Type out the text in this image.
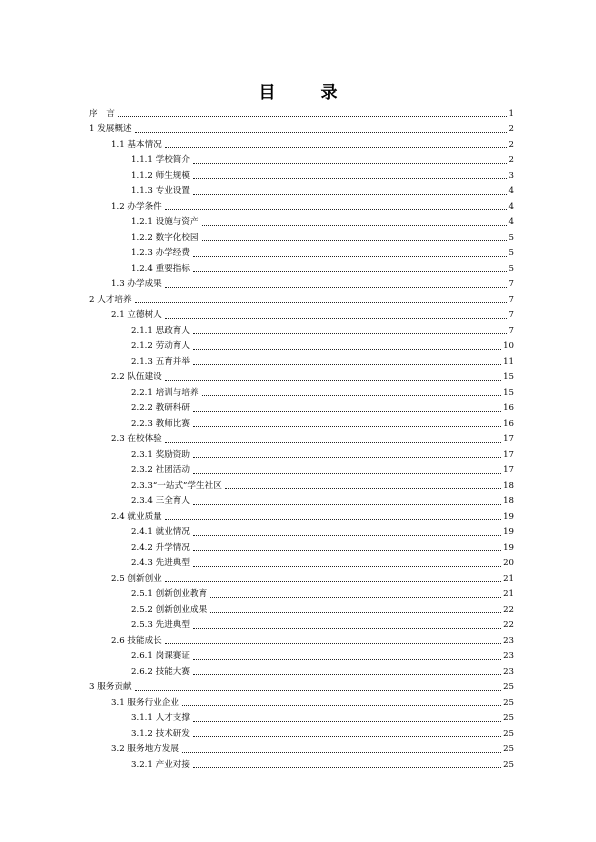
目　录
序　言	1
1 发展概述	2
1.1 基本情况	2
1.1.1 学校简介	2
1.1.2 师生规模	3
1.1.3 专业设置	4
1.2 办学条件	4
1.2.1 设施与资产	4
1.2.2 数字化校园	5
1.2.3 办学经费	5
1.2.4 重要指标	5
1.3 办学成果	7
2 人才培养	7
2.1 立德树人	7
2.1.1 思政育人	7
2.1.2 劳动育人	10
2.1.3 五育并举	11
2.2 队伍建设	15
2.2.1 培训与培养	15
2.2.2 教研科研	16
2.2.3 教师比赛	16
2.3 在校体验	17
2.3.1 奖励资助	17
2.3.2 社团活动	17
2.3.3“一站式”学生社区	18
2.3.4 三全育人	18
2.4 就业质量	19
2.4.1 就业情况	19
2.4.2 升学情况	19
2.4.3 先进典型	20
2.5 创新创业	21
2.5.1 创新创业教育	21
2.5.2 创新创业成果	22
2.5.3 先进典型	22
2.6 技能成长	23
2.6.1 岗课赛证	23
2.6.2 技能大赛	23
3 服务贡献	25
3.1 服务行业企业	25
3.1.1 人才支撑	25
3.1.2 技术研发	25
3.2 服务地方发展	25
3.2.1 产业对接	25
